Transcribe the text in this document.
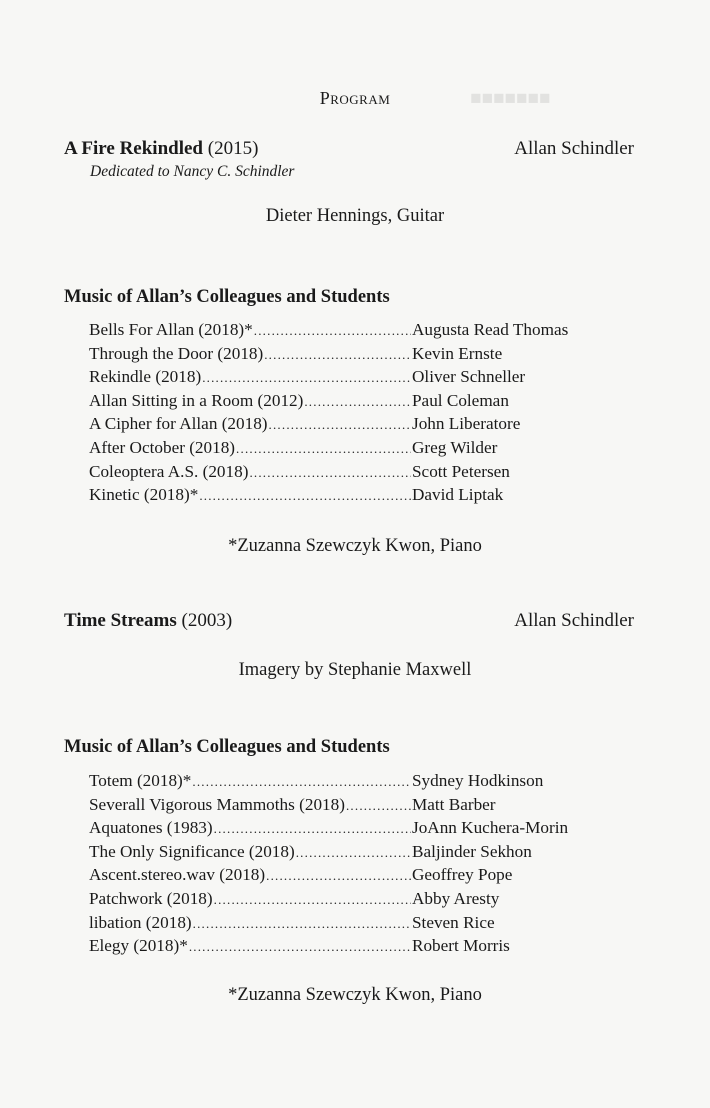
■■■■■■■
Program
A Fire Rekindled (2015)	Allan Schindler
Dedicated to Nancy C. Schindler
Dieter Hennings, Guitar
Music of Allan’s Colleagues and Students
Bells For Allan (2018)* .....	Augusta Read Thomas
Through the Door (2018) .....	Kevin Ernste
Rekindle (2018) .....	Oliver Schneller
Allan Sitting in a Room (2012) .....	Paul Coleman
A Cipher for Allan (2018) .....	John Liberatore
After October (2018) .....	Greg Wilder
Coleoptera A.S. (2018) .....	Scott Petersen
Kinetic (2018)* .....	David Liptak
*Zuzanna Szewczyk Kwon, Piano
Time Streams (2003)	Allan Schindler
Imagery by Stephanie Maxwell
Music of Allan’s Colleagues and Students
Totem (2018)* .....	Sydney Hodkinson
Severall Vigorous Mammoths (2018) .....	Matt Barber
Aquatones (1983) .....	JoAnn Kuchera-Morin
The Only Significance (2018) .....	Baljinder Sekhon
Ascent.stereo.wav (2018) .....	Geoffrey Pope
Patchwork (2018) .....	Abby Aresty
libation (2018) .....	Steven Rice
Elegy (2018)* .....	Robert Morris
*Zuzanna Szewczyk Kwon, Piano
